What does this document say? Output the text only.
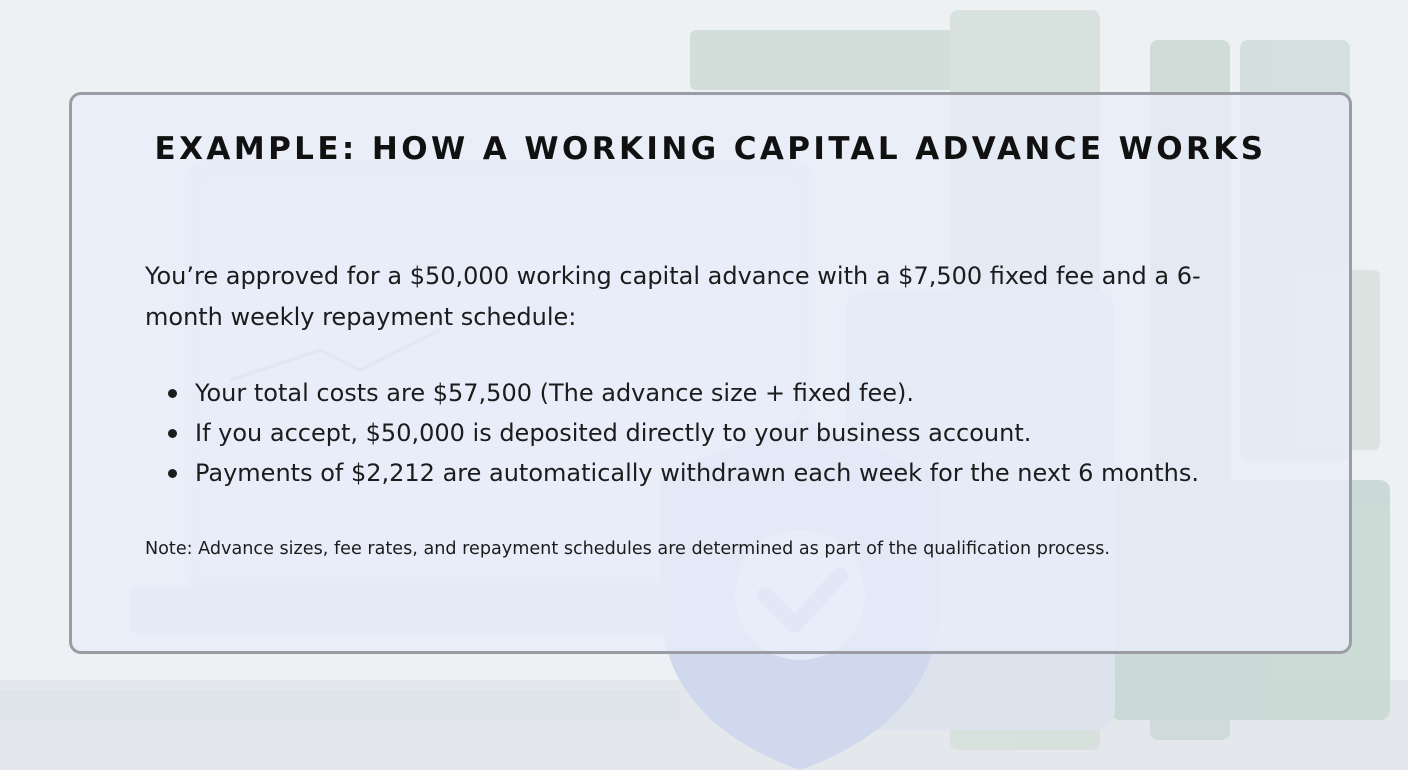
EXAMPLE: HOW A WORKING CAPITAL ADVANCE WORKS

You’re approved for a $50,000 working capital advance with a $7,500 fixed fee and a 6-month weekly repayment schedule:

Your total costs are $57,500 (The advance size + fixed fee).
If you accept, $50,000 is deposited directly to your business account.
Payments of $2,212 are automatically withdrawn each week for the next 6 months.

Note: Advance sizes, fee rates, and repayment schedules are determined as part of the qualification process.
